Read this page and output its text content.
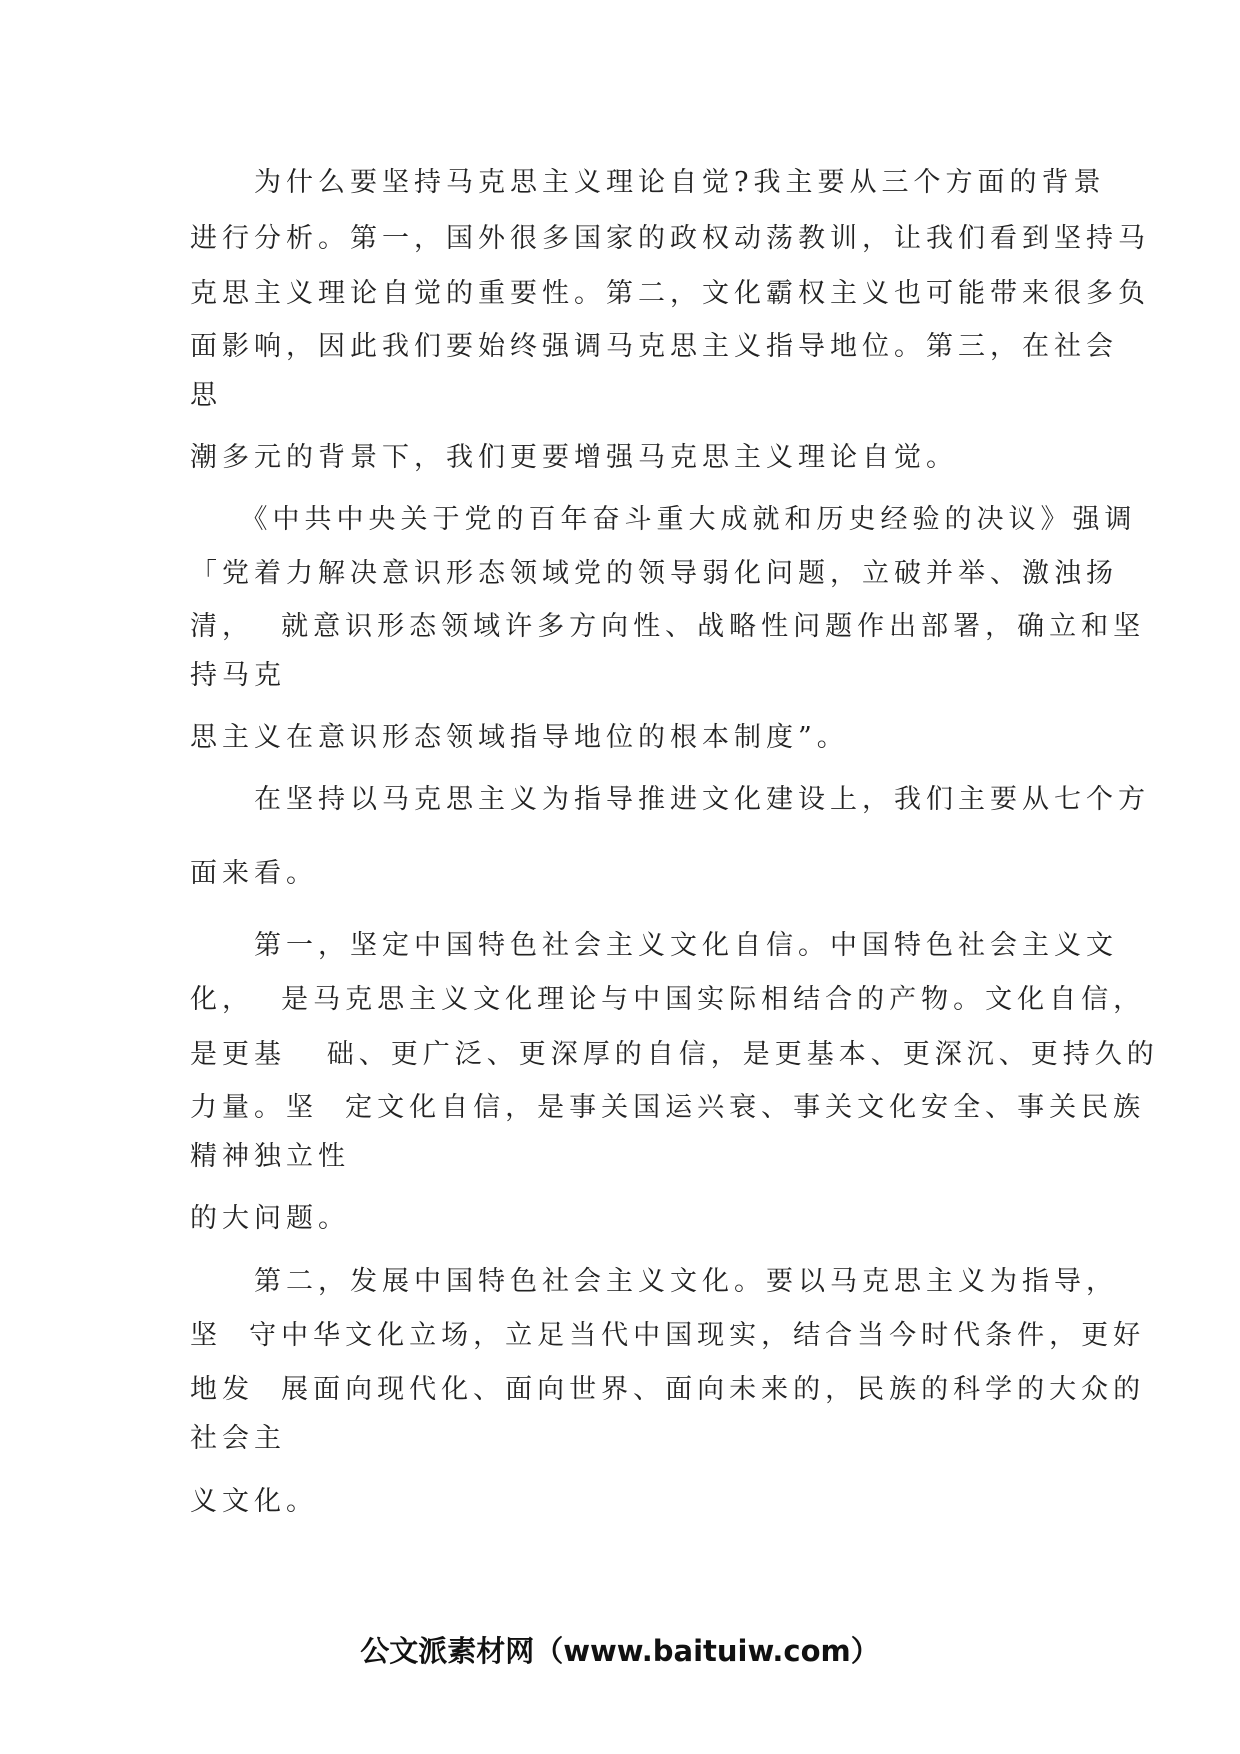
　　为什么要坚持马克思主义理论自觉?我主要从三个方面的背景
进行分析。第一，国外很多国家的政权动荡教训，让我们看到坚持马
克思主义理论自觉的重要性。第二，文化霸权主义也可能带来很多负
面影响，因此我们要始终强调马克思主义指导地位。第三，在社会
思
潮多元的背景下，我们更要增强马克思主义理论自觉。
　　《中共中央关于党的百年奋斗重大成就和历史经验的决议》强调
「党着力解决意识形态领域党的领导弱化问题，立破并举、激浊扬
清，  就意识形态领域许多方向性、战略性问题作出部署，确立和坚
持马克
思主义在意识形态领域指导地位的根本制度”。
　　在坚持以马克思主义为指导推进文化建设上，我们主要从七个方
面来看。
　　第一，坚定中国特色社会主义文化自信。中国特色社会主义文
化，  是马克思主义文化理论与中国实际相结合的产物。文化自信，
是更基   础、更广泛、更深厚的自信，是更基本、更深沉、更持久的
力量。坚  定文化自信，是事关国运兴衰、事关文化安全、事关民族
精神独立性
的大问题。
　　第二，发展中国特色社会主义文化。要以马克思主义为指导，
坚  守中华文化立场，立足当代中国现实，结合当今时代条件，更好
地发  展面向现代化、面向世界、面向未来的，民族的科学的大众的
社会主
义文化。
公文派素材网（www.baituiw.com）
